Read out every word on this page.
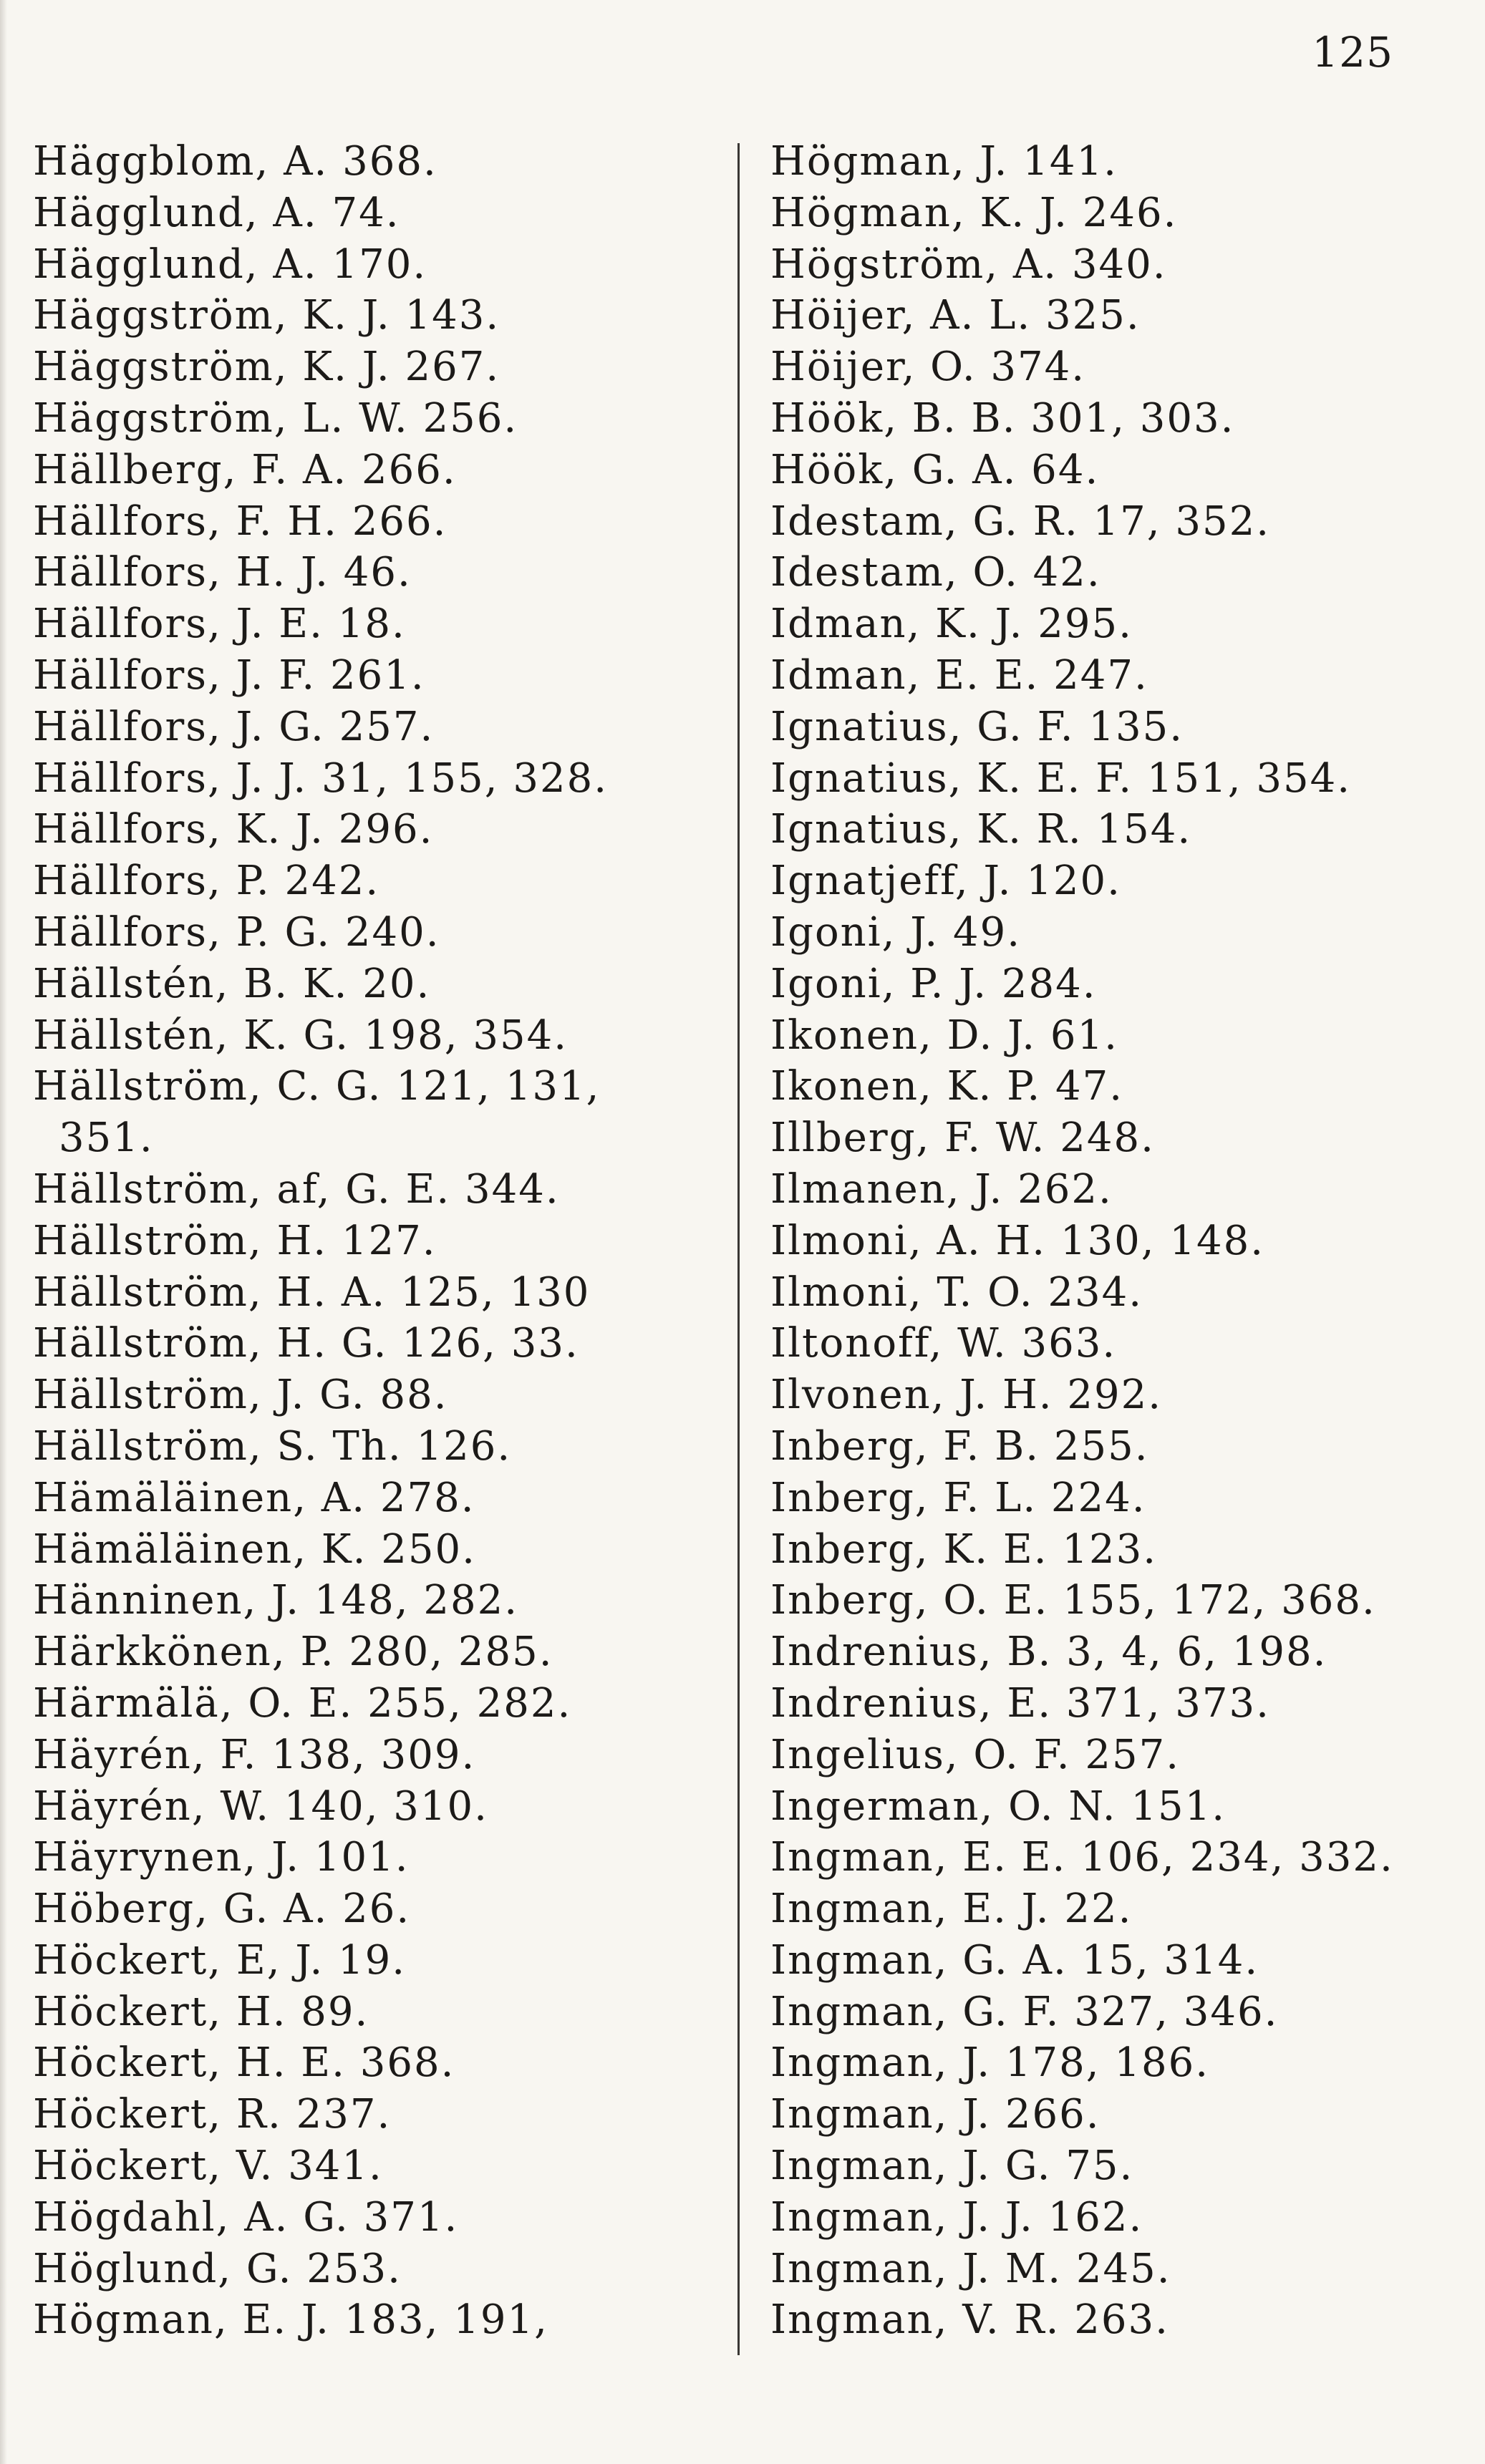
125
Häggblom, A. 368.
Hägglund, A. 74.
Hägglund, A. 170.
Häggström, K. J. 143.
Häggström, K. J. 267.
Häggström, L. W. 256.
Hällberg, F. A. 266.
Hällfors, F. H. 266.
Hällfors, H. J. 46.
Hällfors, J. E. 18.
Hällfors, J. F. 261.
Hällfors, J. G. 257.
Hällfors, J. J. 31, 155, 328.
Hällfors, K. J. 296.
Hällfors, P. 242.
Hällfors, P. G. 240.
Hällstén, B. K. 20.
Hällstén, K. G. 198, 354.
Hällström, C. G. 121, 131,
351.
Hällström, af, G. E. 344.
Hällström, H. 127.
Hällström, H. A. 125, 130
Hällström, H. G. 126, 33.
Hällström, J. G. 88.
Hällström, S. Th. 126.
Hämäläinen, A. 278.
Hämäläinen, K. 250.
Hänninen, J. 148, 282.
Härkkönen, P. 280, 285.
Härmälä, O. E. 255, 282.
Häyrén, F. 138, 309.
Häyrén, W. 140, 310.
Häyrynen, J. 101.
Höberg, G. A. 26.
Höckert, E, J. 19.
Höckert, H. 89.
Höckert, H. E. 368.
Höckert, R. 237.
Höckert, V. 341.
Högdahl, A. G. 371.
Höglund, G. 253.
Högman, E. J. 183, 191,
Högman, J. 141.
Högman, K. J. 246.
Högström, A. 340.
Höijer, A. L. 325.
Höijer, O. 374.
Höök, B. B. 301, 303.
Höök, G. A. 64.
Idestam, G. R. 17, 352.
Idestam, O. 42.
Idman, K. J. 295.
Idman, E. E. 247.
Ignatius, G. F. 135.
Ignatius, K. E. F. 151, 354.
Ignatius, K. R. 154.
Ignatjeff, J. 120.
Igoni, J. 49.
Igoni, P. J. 284.
Ikonen, D. J. 61.
Ikonen, K. P. 47.
Illberg, F. W. 248.
Ilmanen, J. 262.
Ilmoni, A. H. 130, 148.
Ilmoni, T. O. 234.
Iltonoff, W. 363.
Ilvonen, J. H. 292.
Inberg, F. B. 255.
Inberg, F. L. 224.
Inberg, K. E. 123.
Inberg, O. E. 155, 172, 368.
Indrenius, B. 3, 4, 6, 198.
Indrenius, E. 371, 373.
Ingelius, O. F. 257.
Ingerman, O. N. 151.
Ingman, E. E. 106, 234, 332.
Ingman, E. J. 22.
Ingman, G. A. 15, 314.
Ingman, G. F. 327, 346.
Ingman, J. 178, 186.
Ingman, J. 266.
Ingman, J. G. 75.
Ingman, J. J. 162.
Ingman, J. M. 245.
Ingman, V. R. 263.
